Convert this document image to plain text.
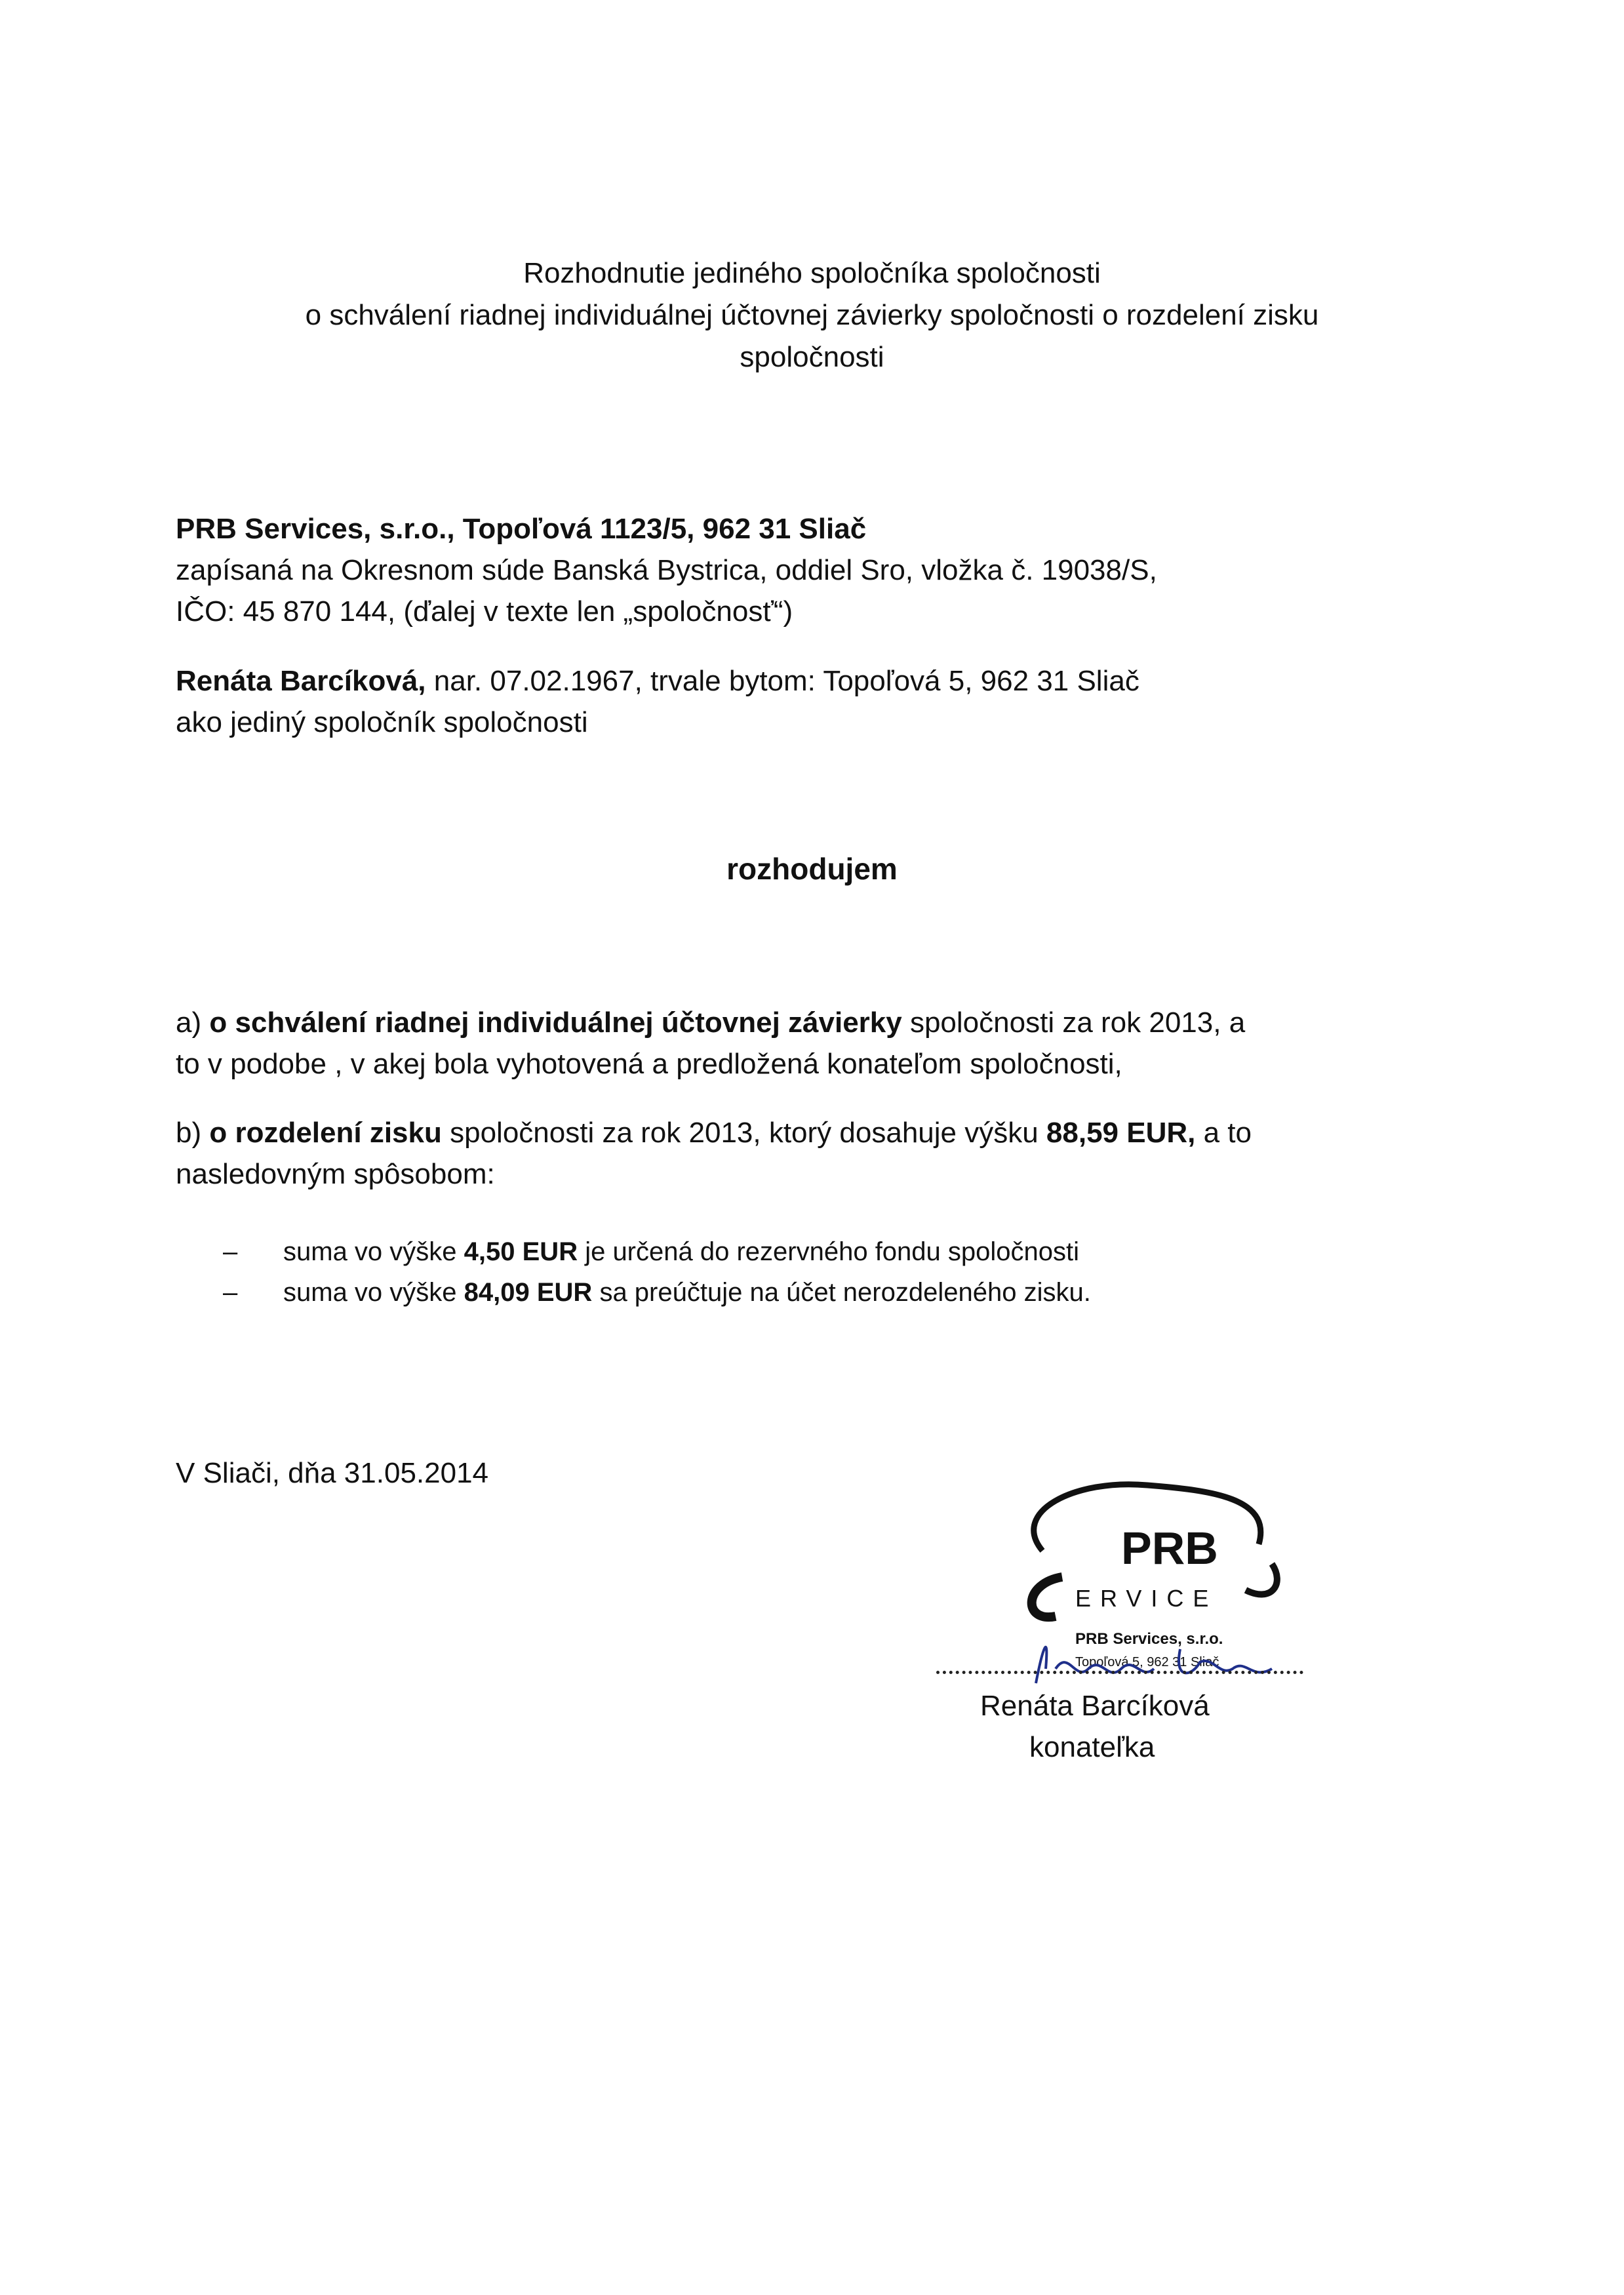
Rozhodnutie jediného spoločníka spoločnosti
o schválení riadnej individuálnej účtovnej závierky spoločnosti o rozdelení zisku
spoločnosti

PRB Services, s.r.o., Topoľová 1123/5, 962 31 Sliač

zapísaná na Okresnom súde Banská Bystrica, oddiel Sro, vložka č. 19038/S,

IČO: 45 870 144, (ďalej v texte len „spoločnosť“)

Renáta Barcíková, nar. 07.02.1967, trvale bytom: Topoľová 5, 962 31 Sliač

ako jediný spoločník spoločnosti

rozhodujem

a) o schválení riadnej individuálnej účtovnej závierky spoločnosti za rok 2013, a

to v podobe , v akej bola vyhotovená a predložená konateľom spoločnosti,

b) o rozdelení zisku spoločnosti za rok 2013, ktorý dosahuje výšku 88,59 EUR, a to

nasledovným spôsobom:

– suma vo výške 4,50 EUR je určená do rezervného fondu spoločnosti
– suma vo výške 84,09 EUR sa preúčtuje na účet nerozdeleného zisku.

V Sliači, dňa 31.05.2014

PRB
ERVICE
PRB Services, s.r.o.
Topoľová 5, 962 31 Sliač
Renáta Barcíková
konateľka
